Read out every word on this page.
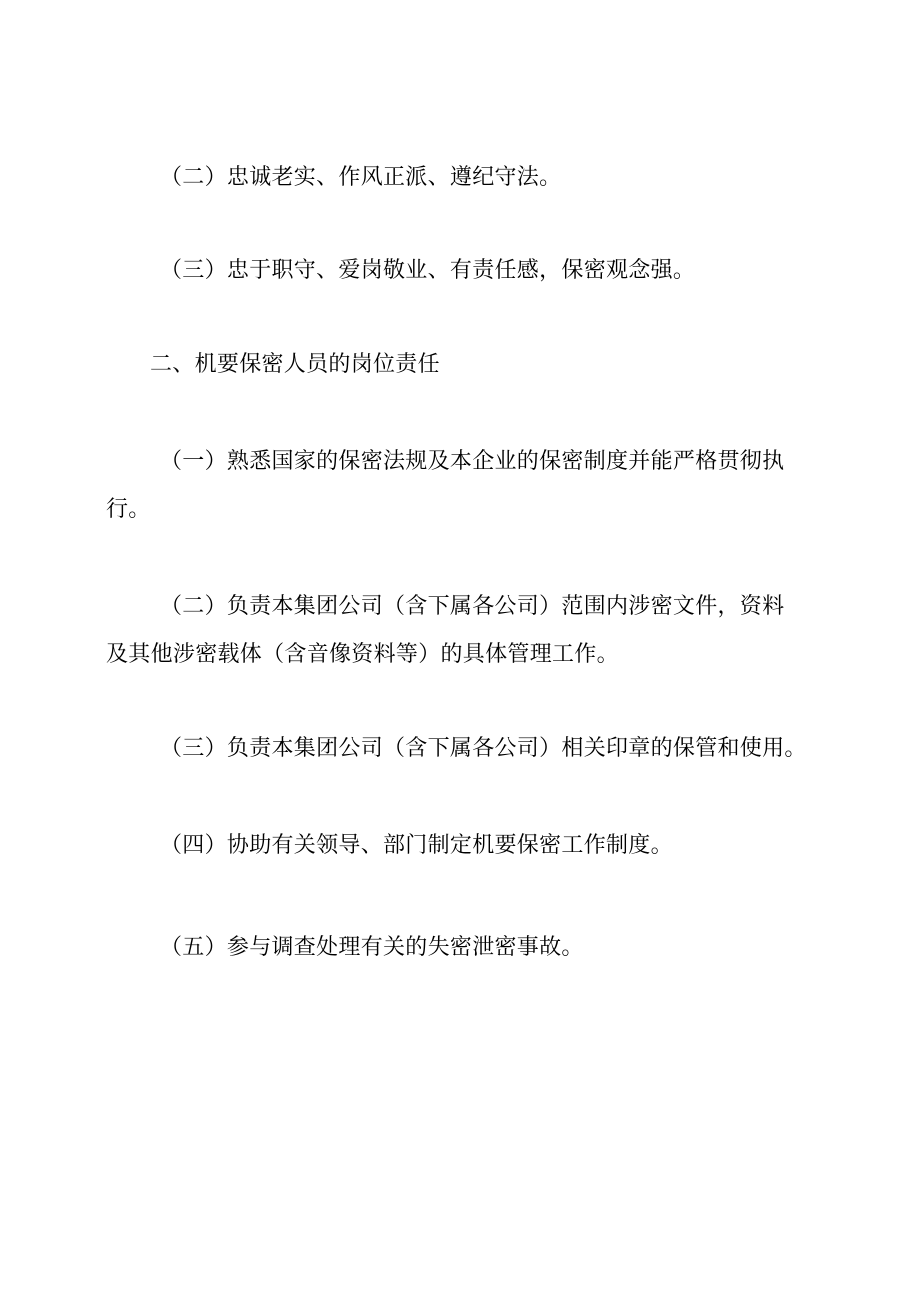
（二）忠诚老实、作风正派、遵纪守法。
（三）忠于职守、爱岗敬业、有责任感，保密观念强。
二、机要保密人员的岗位责任
（一）熟悉国家的保密法规及本企业的保密制度并能严格贯彻执
行。
（二）负责本集团公司（含下属各公司）范围内涉密文件，资料
及其他涉密载体（含音像资料等）的具体管理工作。
（三）负责本集团公司（含下属各公司）相关印章的保管和使用。
（四）协助有关领导、部门制定机要保密工作制度。
（五）参与调查处理有关的失密泄密事故。
